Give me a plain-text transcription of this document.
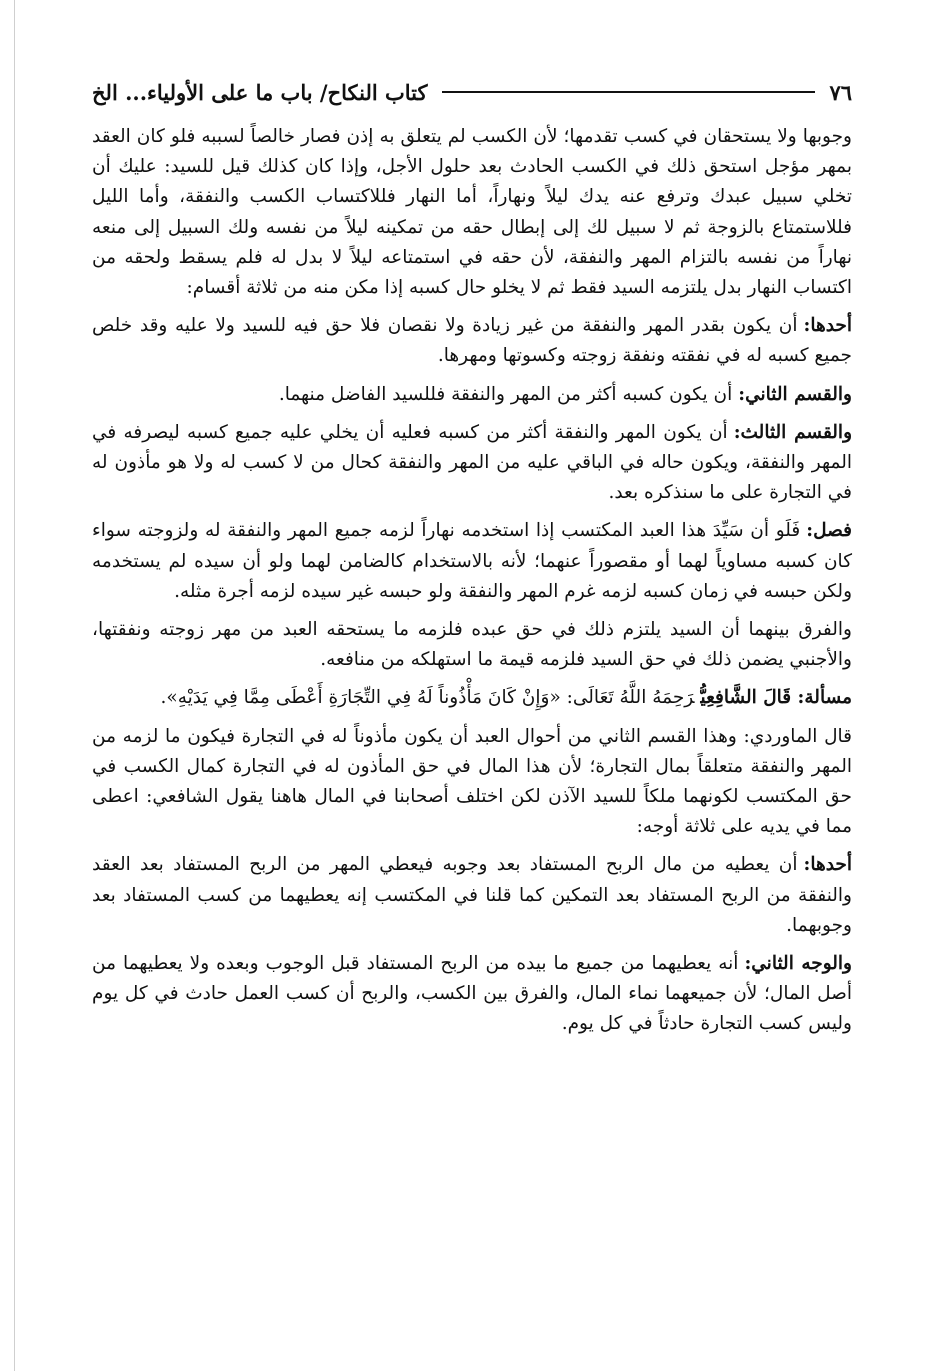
٧٦
كتاب النكاح/ باب ما على الأولياء... الخ

وجوبها ولا يستحقان في كسب تقدمها؛ لأن الكسب لم يتعلق به إذن فصار خالصاً لسببه فلو كان العقد بمهر مؤجل استحق ذلك في الكسب الحادث بعد حلول الأجل، وإذا كان كذلك قيل للسيد: عليك أن تخلي سبيل عبدك وترفع عنه يدك ليلاً ونهاراً، أما النهار فللاكتساب الكسب والنفقة، وأما الليل فللاستمتاع بالزوجة ثم لا سبيل لك إلى إبطال حقه من تمكينه ليلاً من نفسه ولك السبيل إلى منعه نهاراً من نفسه بالتزام المهر والنفقة، لأن حقه في استمتاعه ليلاً لا بدل له فلم يسقط ولحقه من اكتساب النهار بدل يلتزمه السيد فقط ثم لا يخلو حال كسبه إذا مكن منه من ثلاثة أقسام:

أحدها:أن يكون بقدر المهر والنفقة من غير زيادة ولا نقصان فلا حق فيه للسيد ولا عليه وقد خلص جميع كسبه له في نفقته ونفقة زوجته وكسوتها ومهرها.

والقسم الثاني:أن يكون كسبه أكثر من المهر والنفقة فللسيد الفاضل منهما.

والقسم الثالث:أن يكون المهر والنفقة أكثر من كسبه فعليه أن يخلي عليه جميع كسبه ليصرفه في المهر والنفقة، ويكون حاله في الباقي عليه من المهر والنفقة كحال من لا كسب له ولا هو مأذون له في التجارة على ما سنذكره بعد.

فصل:فَلَو أن سَيِّدَ هذا العبد المكتسب إذا استخدمه نهاراً لزمه جميع المهر والنفقة له ولزوجته سواء كان كسبه مساوياً لهما أو مقصوراً عنهما؛ لأنه بالاستخدام كالضامن لهما ولو أن سيده لم يستخدمه ولكن حبسه في زمان كسبه لزمه غرم المهر والنفقة ولو حبسه غير سيده لزمه أجرة مثله.

والفرق بينهما أن السيد يلتزم ذلك في حق عبده فلزمه ما يستحقه العبد من مهر زوجته ونفقتها، والأجنبي يضمن ذلك في حق السيد فلزمه قيمة ما استهلكه من منافعه.

مسألة: قَالَ الشَّافِعِيُّرَحِمَهُ اللَّهُ تَعَالَى: «وَإِنْ كَانَ مَأْذُوناً لَهُ فِي التِّجَارَةِ أَعْطَى مِمَّا فِي يَدَيْهِ».

قال الماوردي: وهذا القسم الثاني من أحوال العبد أن يكون مأذوناً له في التجارة فيكون ما لزمه من المهر والنفقة متعلقاً بمال التجارة؛ لأن هذا المال في حق المأذون له في التجارة كمال الكسب في حق المكتسب لكونهما ملكاً للسيد الآذن لكن اختلف أصحابنا في المال هاهنا يقول الشافعي: اعطى مما في يديه على ثلاثة أوجه:

أحدها:أن يعطيه من مال الربح المستفاد بعد وجوبه فيعطي المهر من الربح المستفاد بعد العقد والنفقة من الربح المستفاد بعد التمكين كما قلنا في المكتسب إنه يعطيهما من كسب المستفاد بعد وجوبهما.

والوجه الثاني:أنه يعطيهما من جميع ما بيده من الربح المستفاد قبل الوجوب وبعده ولا يعطيهما من أصل المال؛ لأن جميعهما نماء المال، والفرق بين الكسب، والربح أن كسب العمل حادث في كل يوم وليس كسب التجارة حادثاً في كل يوم.
